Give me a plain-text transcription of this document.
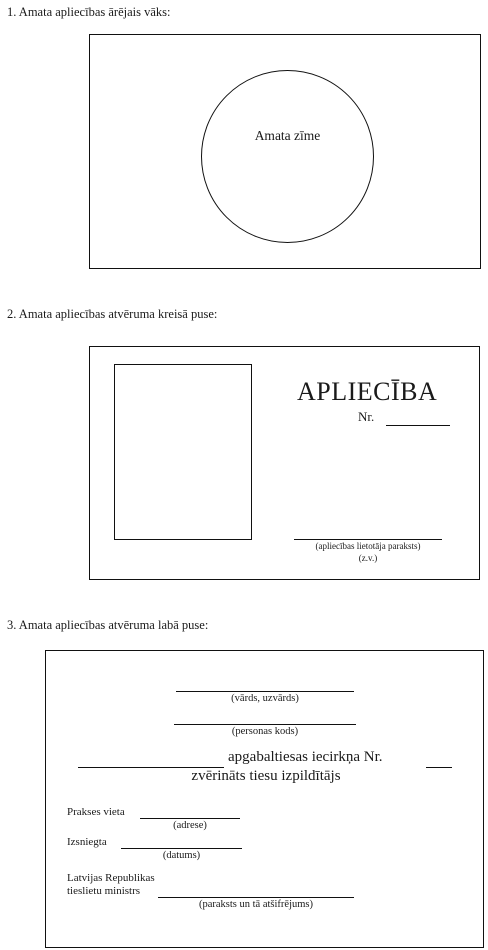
1. Amata apliecības ārējais vāks:
Amata zīme
2. Amata apliecības atvēruma kreisā puse:
APLIECĪBA
Nr.
(apliecības lietotāja paraksts)
(z.v.)
3. Amata apliecības atvēruma labā puse:
(vārds, uzvārds)
(personas kods)
apgabaltiesas iecirkņa Nr.
zvērināts tiesu izpildītājs
Prakses vieta
(adrese)
Izsniegta
(datums)
Latvijas Republikas
tieslietu ministrs
(paraksts un tā atšifrējums)
